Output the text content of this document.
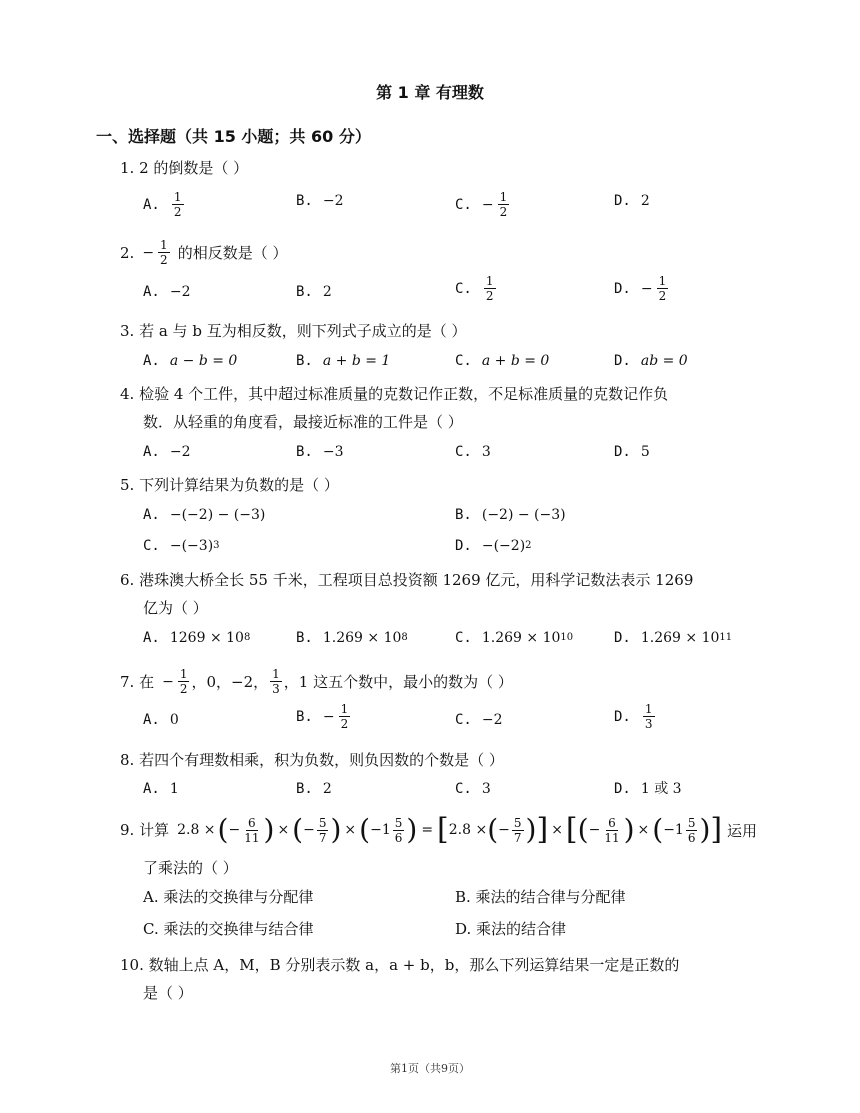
第 1 章 有理数
一、选择题（共 15 小题；共 60 分）
1. 2 的倒数是（ ）
A. $\frac{1}{2}$	B. −2	C. − $\frac{1}{2}$	D. 2
2. − $\frac{1}{2}$ 的相反数是（ ）
A. −2	B. 2	C. $\frac{1}{2}$	D. − $\frac{1}{2}$
3. 若 a 与 b 互为相反数，则下列式子成立的是（ ）
A. a − b = 0	B. a + b = 1	C. a + b = 0	D. ab = 0
4. 检验 4 个工件，其中超过标准质量的克数记作正数，不足标准质量的克数记作负
数．从轻重的角度看，最接近标准的工件是（ ）
A. −2	B. −3	C. 3	D. 5
5. 下列计算结果为负数的是（ ）
A. −(−2) − (−3)	B. (−2) − (−3)
C. −(−3) 3	D. −(−2) 2
6. 港珠澳大桥全长 55 千米，工程项目总投资额 1269 亿元，用科学记数法表示 1269
亿为（ ）
A. 1269 × 10 8	B. 1.269 × 10 8	C. 1.269 × 10 10	D. 1.269 × 10 11
7. 在 − $\frac{1}{2}$ ，0，−2， $\frac{1}{3}$ ，1 这五个数中，最小的数为（ ）
A. 0	B. − $\frac{1}{2}$	C. −2	D. $\frac{1}{3}$
8. 若四个有理数相乘，积为负数，则负因数的个数是（ ）
A. 1	B. 2	C. 3	D. 1 或 3
9. 计算 2.8 × ( − $\frac{6}{11}$ ) × ( − $\frac{5}{7}$ ) × ( $-1 \frac{5}{6}$ ) = [ 2.8 × ( − $\frac{5}{7}$ ) ] × [ ( − $\frac{6}{11}$ ) × ( $-1 \frac{5}{6}$ ) ] 运用
了乘法的（ ）
A. 乘法的交换律与分配律	B. 乘法的结合律与分配律
C. 乘法的交换律与结合律	D. 乘法的结合律
10. 数轴上点 A，M，B 分别表示数 a，a + b，b，那么下列运算结果一定是正数的
是（ ）
第1页（共9页）
